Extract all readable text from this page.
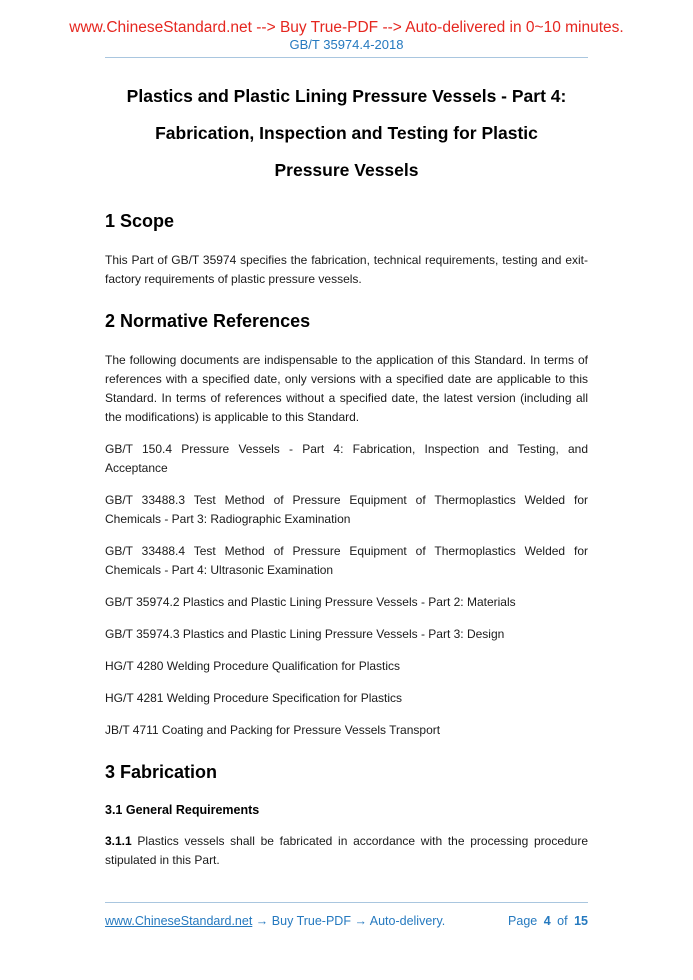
www.ChineseStandard.net --> Buy True-PDF --> Auto-delivered in 0~10 minutes.
GB/T 35974.4-2018
Plastics and Plastic Lining Pressure Vessels - Part 4:
Fabrication, Inspection and Testing for Plastic
Pressure Vessels
1 Scope

This Part of GB/T 35974 specifies the fabrication, technical requirements, testing and exit-factory requirements of plastic pressure vessels.

2 Normative References

The following documents are indispensable to the application of this Standard. In terms of references with a specified date, only versions with a specified date are applicable to this Standard. In terms of references without a specified date, the latest version (including all the modifications) is applicable to this Standard.

GB/T 150.4 Pressure Vessels - Part 4: Fabrication, Inspection and Testing, and Acceptance

GB/T 33488.3 Test Method of Pressure Equipment of Thermoplastics Welded for Chemicals - Part 3: Radiographic Examination

GB/T 33488.4 Test Method of Pressure Equipment of Thermoplastics Welded for Chemicals - Part 4: Ultrasonic Examination

GB/T 35974.2 Plastics and Plastic Lining Pressure Vessels - Part 2: Materials

GB/T 35974.3 Plastics and Plastic Lining Pressure Vessels - Part 3: Design

HG/T 4280 Welding Procedure Qualification for Plastics

HG/T 4281 Welding Procedure Specification for Plastics

JB/T 4711 Coating and Packing for Pressure Vessels Transport

3 Fabrication
3.1 General Requirements

3.1.1 Plastics vessels shall be fabricated in accordance with the processing procedure stipulated in this Part.

www.ChineseStandard.net → Buy True-PDF → Auto-delivery.	Page 4 of 15
